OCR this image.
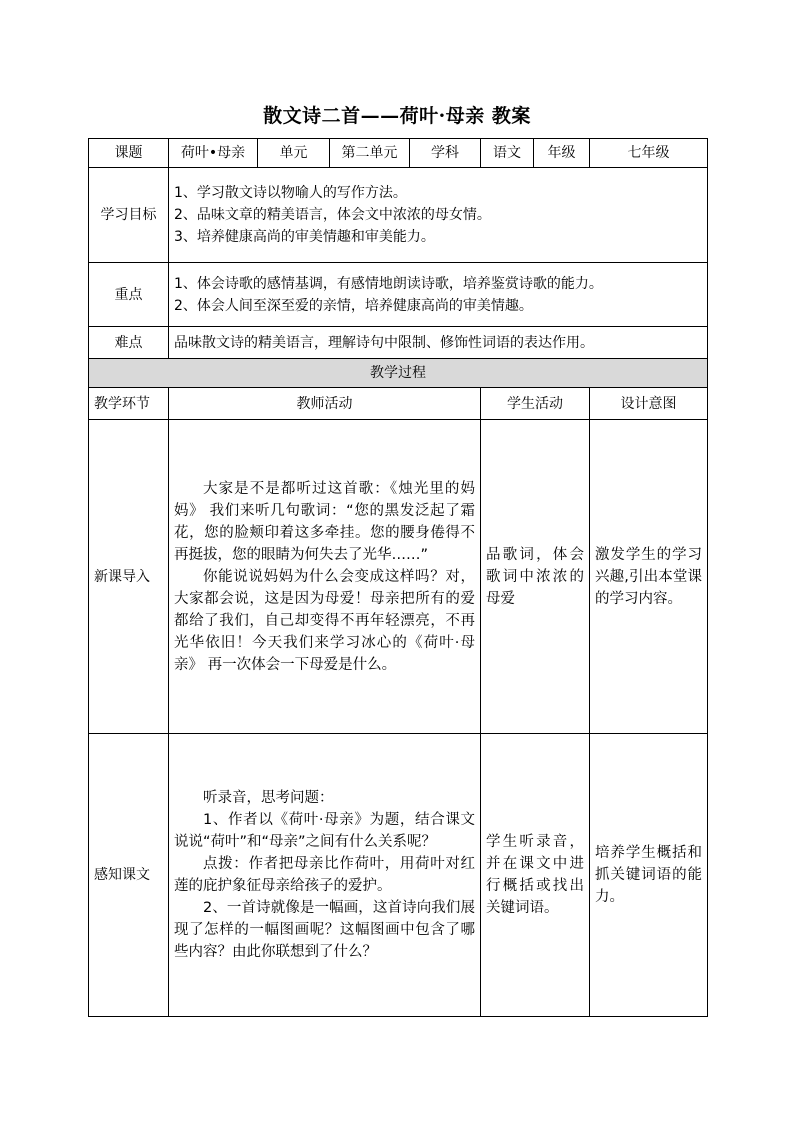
散文诗二首——荷叶·母亲 教案
课题	荷叶•母亲	单元	第二单元	学科	语文	年级	七年级
学习目标	1、学习散文诗以物喻人的写作方法。
2、品味文章的精美语言，体会文中浓浓的母女情。
3、培养健康高尚的审美情趣和审美能力。						

重点	1、体会诗歌的感情基调，有感情地朗读诗歌，培养鉴赏诗歌的能力。
2、体会人间至深至爱的亲情，培养健康高尚的审美情趣。						

难点	品味散文诗的精美语言，理解诗句中限制、修饰性词语的表达作用。						
教学过程							
教学环节	教师活动				学生活动		设计意图
新课导入	大家是不是都听过这首歌：《烛光里的妈妈》 我们来听几句歌词：“您的黑发泛起了霜花，您的脸颊印着这多牵挂。您的腰身倦得不再挺拔，您的眼睛为何失去了光华……”

你能说说妈妈为什么会变成这样吗？对，大家都会说，这是因为母爱！母亲把所有的爱都给了我们，自己却变得不再年轻漂亮，不再光华依旧！今天我们来学习冰心的《荷叶·母亲》 再一次体会一下母爱是什么。				品歌词，体会歌词中浓浓的母爱		激发学生的学习兴趣,引出本堂课的学习内容。
感知课文	听录音，思考问题：

1、作者以《荷叶·母亲》为题，结合课文说说“荷叶”和“母亲”之间有什么关系呢？

点拨：作者把母亲比作荷叶，用荷叶对红莲的庇护象征母亲给孩子的爱护。

2、一首诗就像是一幅画，这首诗向我们展现了怎样的一幅图画呢？这幅图画中包含了哪些内容？由此你联想到了什么？				学生听录音，并在课文中进行概括或找出关键词语。		培养学生概括和抓关键词语的能力。
